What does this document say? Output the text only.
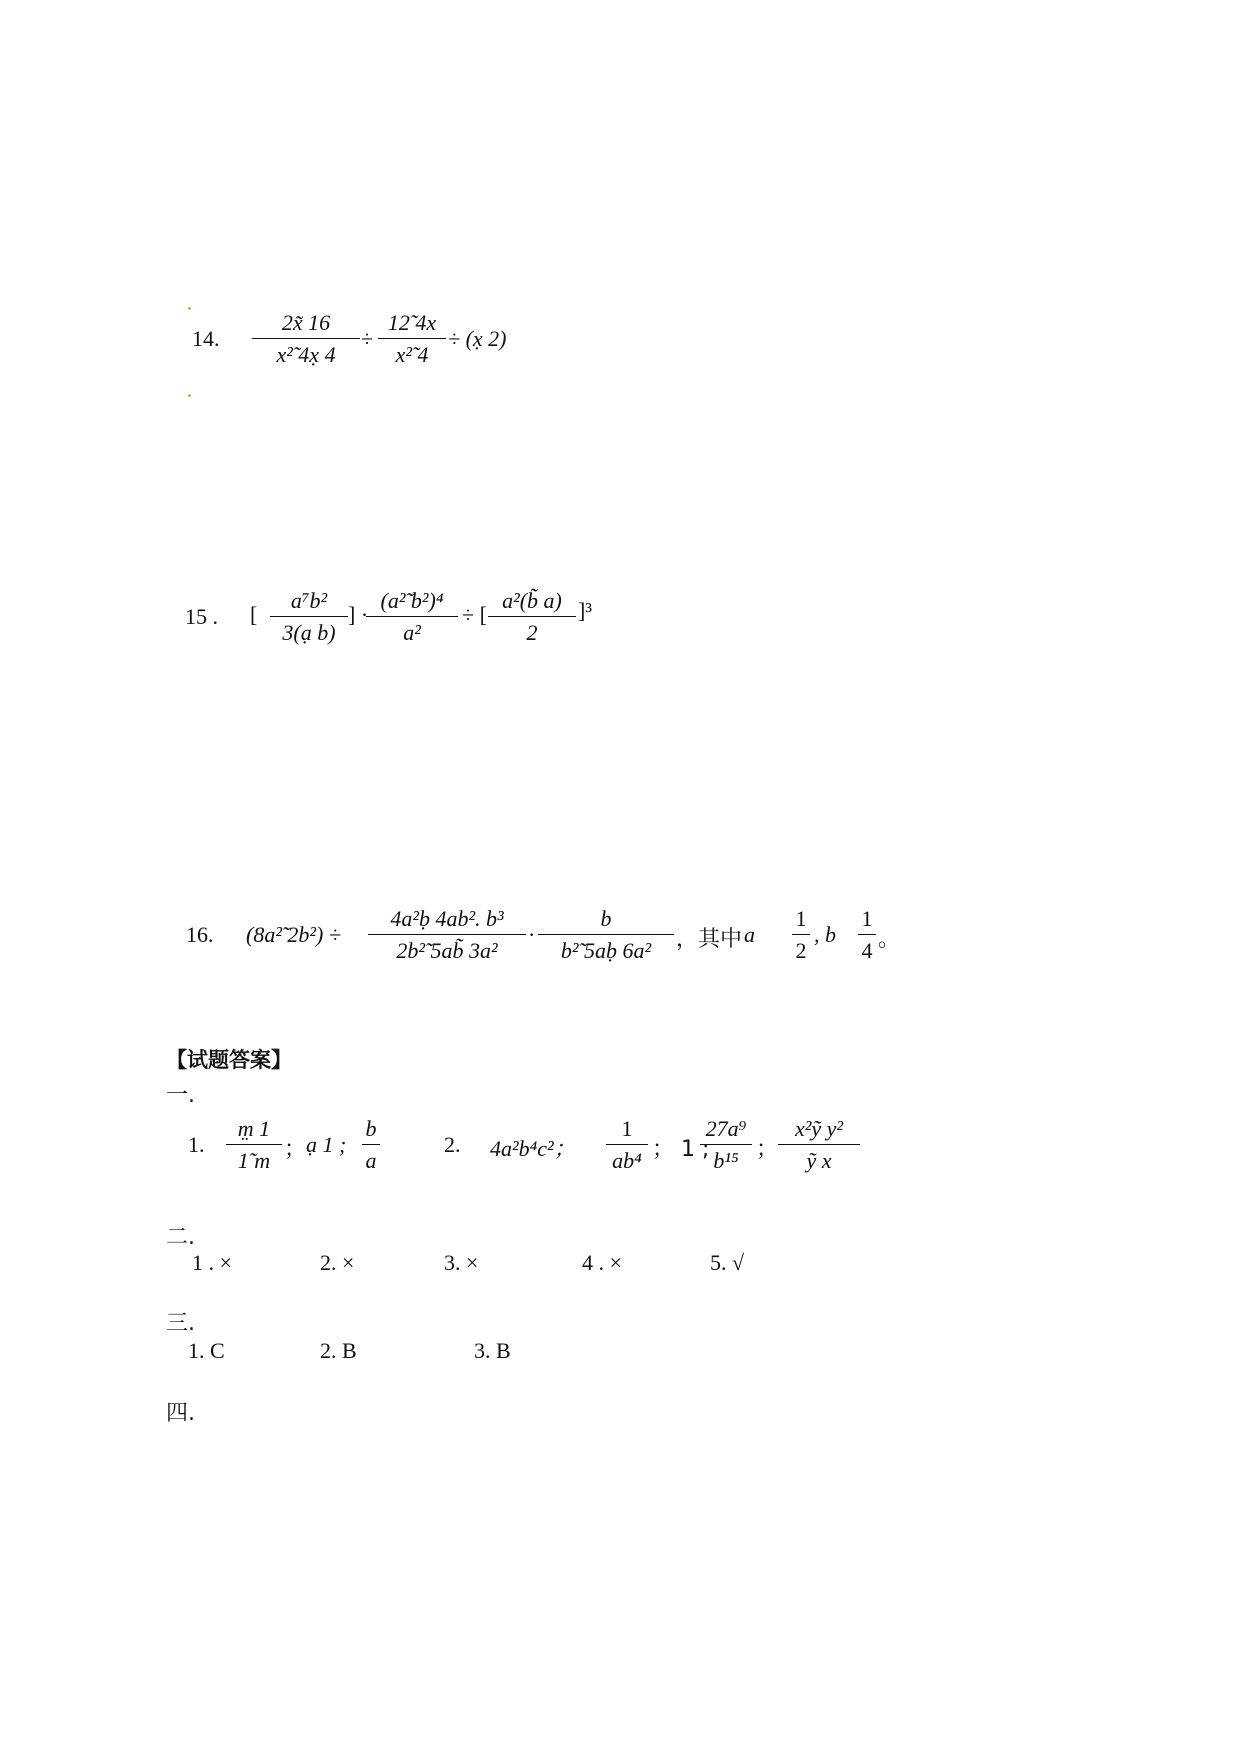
14.
2x̃ 16
x²̃ 4x̣ 4
÷
12̃ 4x
x²̃ 4
÷ (x̣ 2)
15 . [
a⁷b²
3(ạ b)
] ·
(a²̃ b²)⁴
a²
÷ [
a²(b̃ a)
2
]³
16. (8a²̃ 2b²) ÷
4a²ḅ 4ab². b³
2b²̃ 5ab̃ 3a²
·
b
b²̃ 5aḅ 6a²	，其中 a
1
2
, b
1
4 。
【试题答案】
一.
1.
m̤ 1
1̃ m ； ạ 1 ;
b
a
2. 4a²b⁴c²；
1
ab⁴ ； 1 ;
27a⁹
b¹⁵ ；
x²ỹ y²
ỹ x
二.
1 . ×	2. ×	3. ×	4 . ×	5. √
三.
1. C	2. B	3. B
四.
